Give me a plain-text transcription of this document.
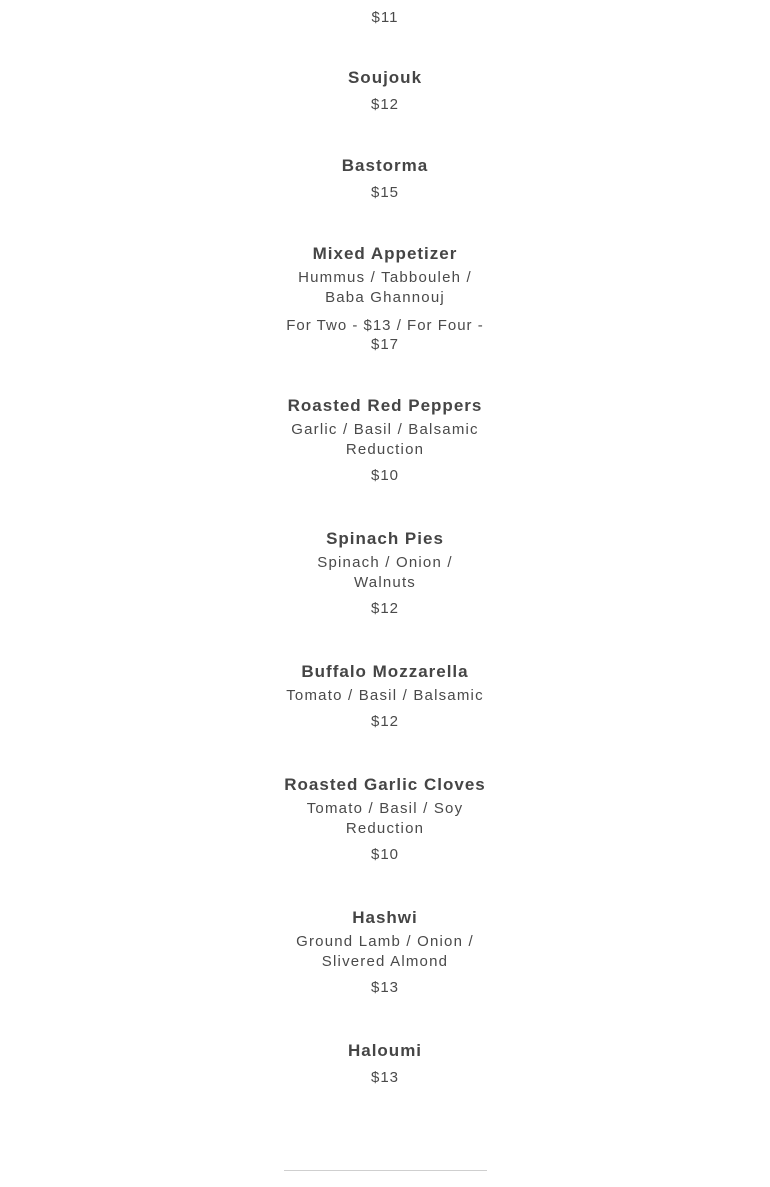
$11
Soujouk
$12
Bastorma
$15
Mixed Appetizer
Hummus / Tabbouleh / Baba Ghannouj
For Two - $13 / For Four - $17
Roasted Red Peppers
Garlic / Basil / Balsamic Reduction
$10
Spinach Pies
Spinach / Onion / Walnuts
$12
Buffalo Mozzarella
Tomato / Basil / Balsamic
$12
Roasted Garlic Cloves
Tomato / Basil / Soy Reduction
$10
Hashwi
Ground Lamb / Onion / Slivered Almond
$13
Haloumi
$13
